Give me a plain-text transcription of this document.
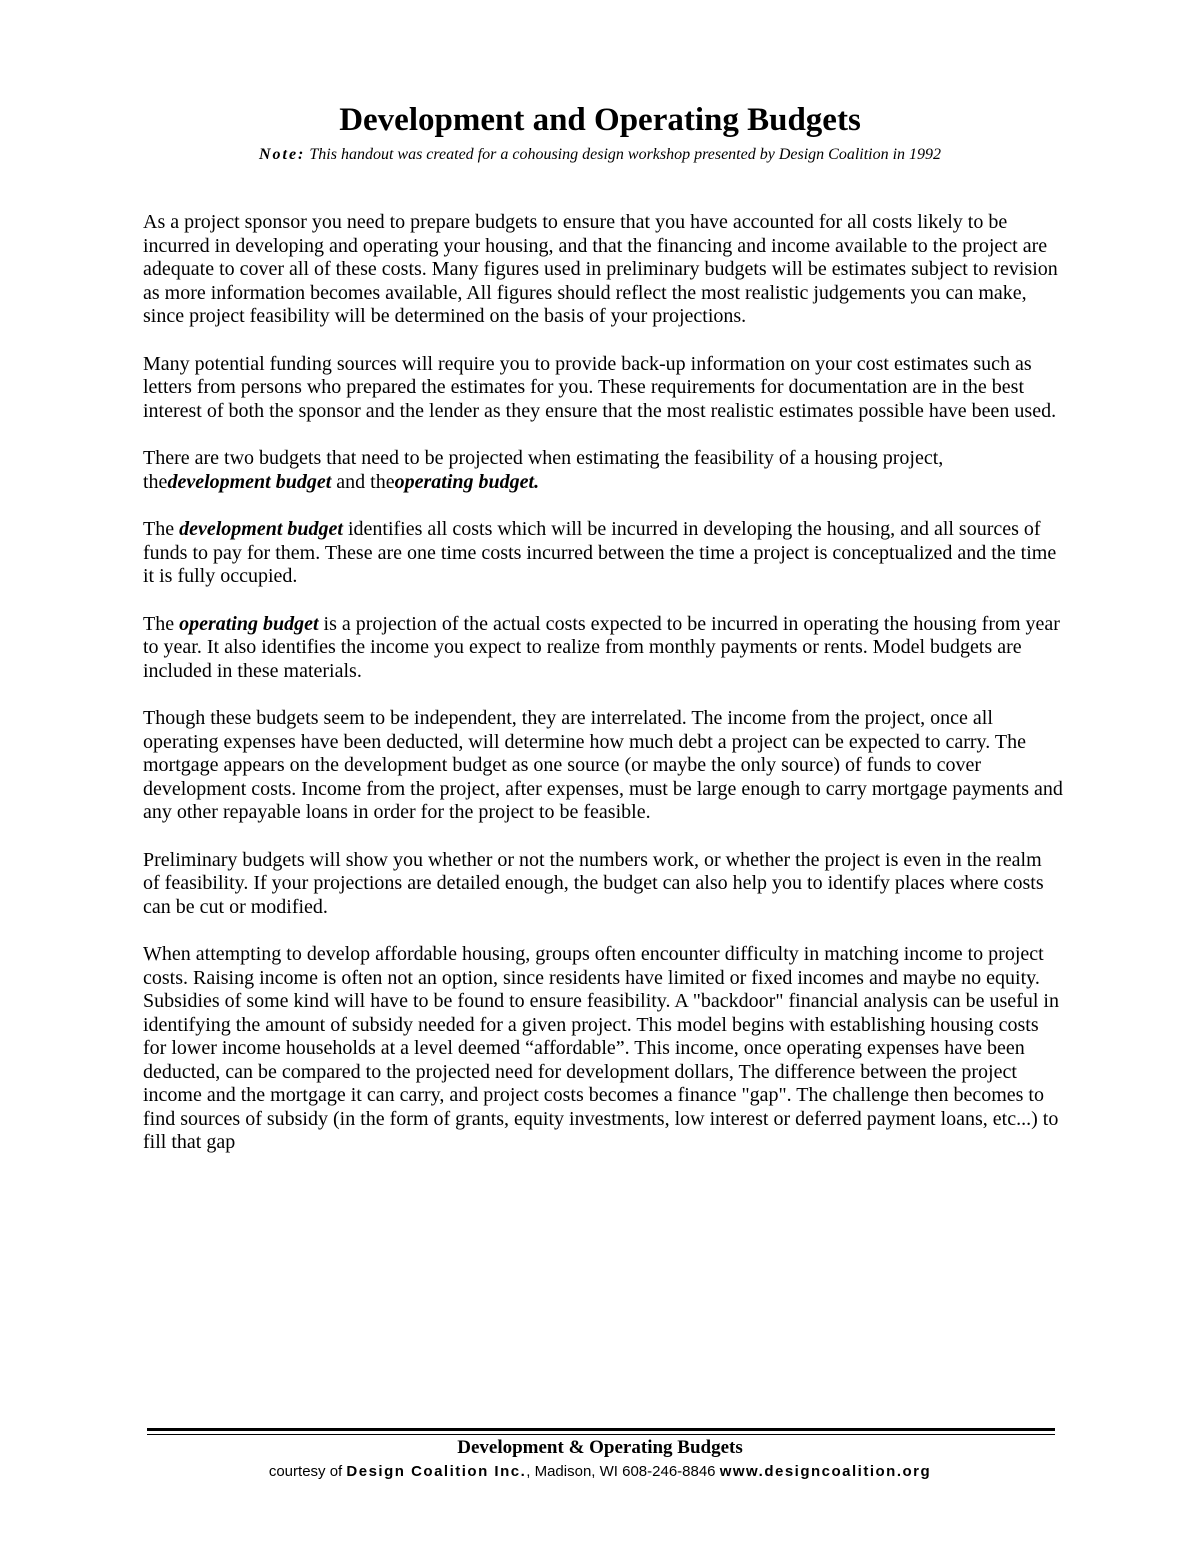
Development and Operating Budgets
Note: This handout was created for a cohousing design workshop presented by Design Coalition in 1992

As a project sponsor you need to prepare budgets to ensure that you have accounted for all costs likely to be incurred in developing and operating your housing, and that the financing and income available to the project are adequate to cover all of these costs. Many figures used in preliminary budgets will be estimates subject to revision as more information becomes available, All figures should reflect the most realistic judgements you can make, since project feasibility will be determined on the basis of your projections.

Many potential funding sources will require you to provide back-up information on your cost estimates such as letters from persons who prepared the estimates for you. These requirements for documentation are in the best interest of both the sponsor and the lender as they ensure that the most realistic estimates possible have been used.

There are two budgets that need to be projected when estimating the feasibility of a housing project, thedevelopment budget and theoperating budget.

The development budget identifies all costs which will be incurred in developing the housing, and all sources of funds to pay for them. These are one time costs incurred between the time a project is conceptualized and the time it is fully occupied.

The operating budget is a projection of the actual costs expected to be incurred in operating the housing from year to year. It also identifies the income you expect to realize from monthly payments or rents. Model budgets are included in these materials.

Though these budgets seem to be independent, they are interrelated. The income from the project, once all operating expenses have been deducted, will determine how much debt a project can be expected to carry. The mortgage appears on the development budget as one source (or maybe the only source) of funds to cover development costs. Income from the project, after expenses, must be large enough to carry mortgage payments and any other repayable loans in order for the project to be feasible.

Preliminary budgets will show you whether or not the numbers work, or whether the project is even in the realm of feasibility. If your projections are detailed enough, the budget can also help you to identify places where costs can be cut or modified.

When attempting to develop affordable housing, groups often encounter difficulty in matching income to project costs. Raising income is often not an option, since residents have limited or fixed incomes and maybe no equity. Subsidies of some kind will have to be found to ensure feasibility. A "backdoor" financial analysis can be useful in identifying the amount of subsidy needed for a given project. This model begins with establishing housing costs for lower income households at a level deemed “affordable”. This income, once operating expenses have been deducted, can be compared to the projected need for development dollars, The difference between the project income and the mortgage it can carry, and project costs becomes a finance "gap". The challenge then becomes to find sources of subsidy (in the form of grants, equity investments, low interest or deferred payment loans, etc...) to fill that gap

Development & Operating Budgets
courtesy of Design Coalition Inc., Madison, WI 608-246-8846 www.designcoalition.org
